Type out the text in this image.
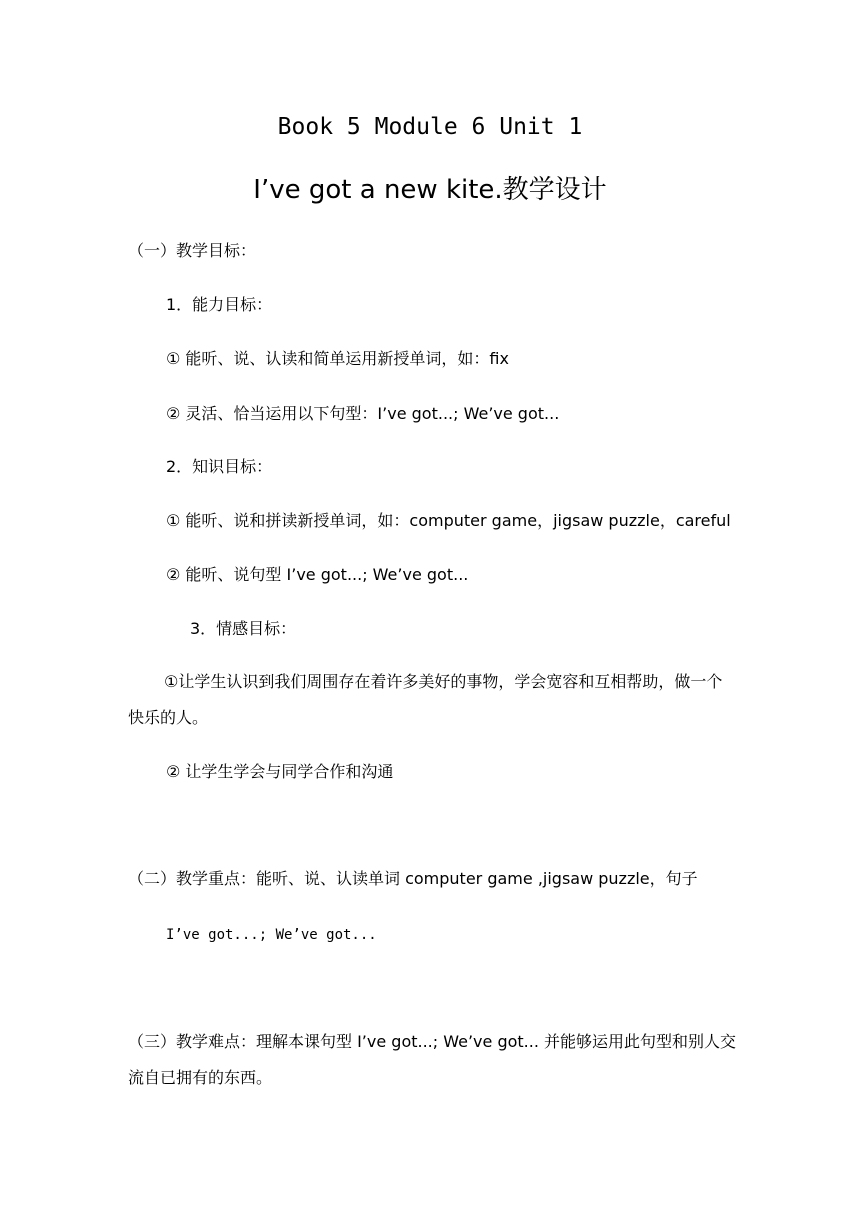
Book 5 Module 6 Unit 1
I’ve got a new kite.教学设计
（一）教学目标：
1．能力目标：
① 能听、说、认读和简单运用新授单词，如：fix
② 灵活、恰当运用以下句型：I’ve got...; We’ve got...
2．知识目标：
① 能听、说和拼读新授单词，如：computer game，jigsaw puzzle，careful
② 能听、说句型 I’ve got...; We’ve got...
3．情感目标：
①让学生认识到我们周围存在着许多美好的事物，学会宽容和互相帮助，做一个快乐的人。
② 让学生学会与同学合作和沟通
（二）教学重点：能听、说、认读单词 computer game ,jigsaw puzzle，句子
I’ve got...; We’ve got...
（三）教学难点：理解本课句型 I’ve got...; We’ve got... 并能够运用此句型和别人交流自已拥有的东西。
